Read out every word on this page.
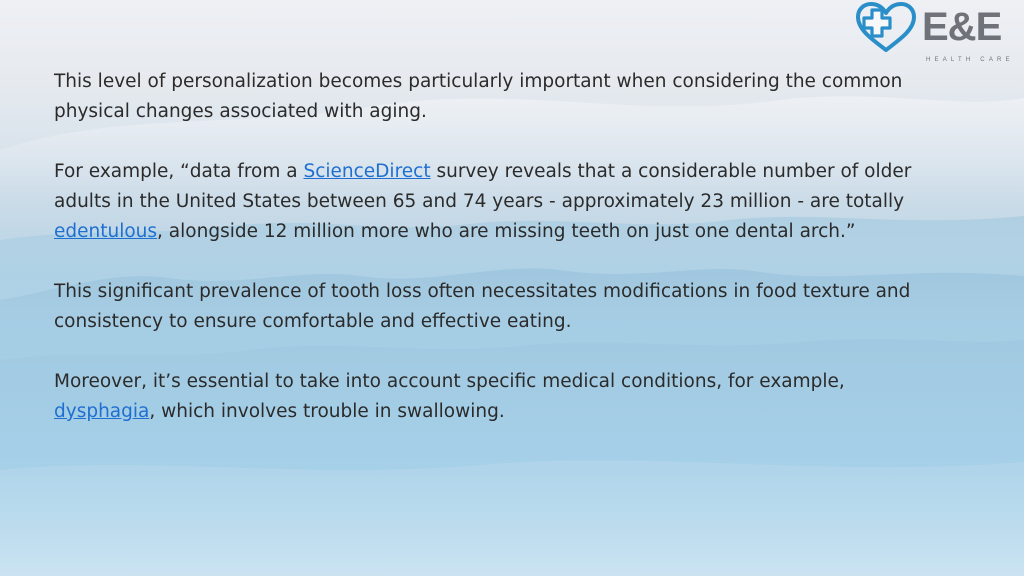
E&E
HEALTH CARE

This level of personalization becomes particularly important when considering the common physical changes associated with aging.

For example, “data from a ScienceDirect survey reveals that a considerable number of older adults in the United States between 65 and 74 years - approximately 23 million - are totally edentulous, alongside 12 million more who are missing teeth on just one dental arch.”

This significant prevalence of tooth loss often necessitates modifications in food texture and consistency to ensure comfortable and effective eating.

Moreover, it’s essential to take into account specific medical conditions, for example, dysphagia, which involves trouble in swallowing.
